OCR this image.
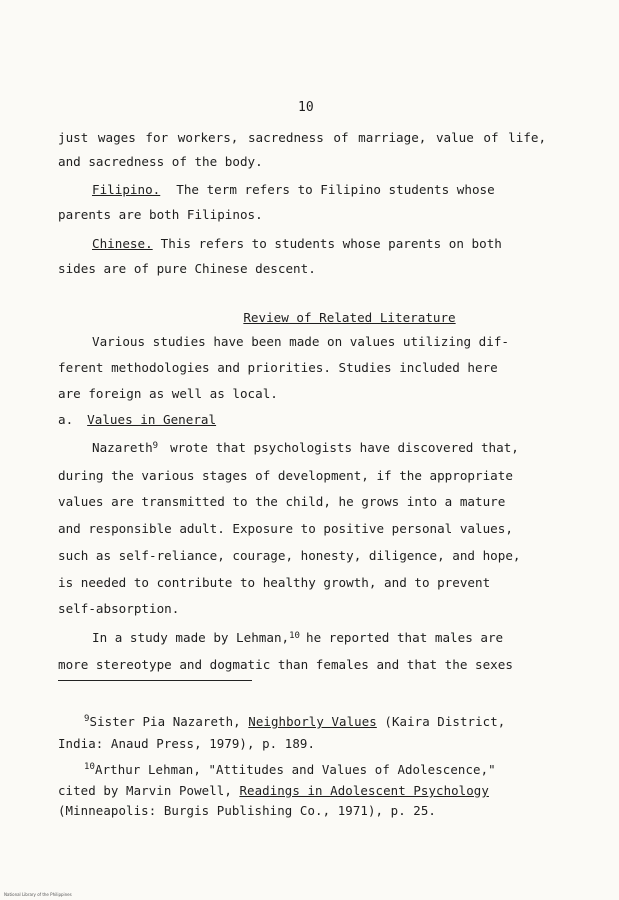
10
just wages for workers, sacredness of marriage, value of life,
and sacredness of the body.
Filipino. The term refers to Filipino students whose
parents are both Filipinos.
Chinese. This refers to students whose parents on both
sides are of pure Chinese descent.
Review of Related Literature
Various studies have been made on values utilizing dif-
ferent methodologies and priorities. Studies included here
are foreign as well as local.
a. Values in General
Nazareth 9 wrote that psychologists have discovered that,
during the various stages of development, if the appropriate
values are transmitted to the child, he grows into a mature
and responsible adult. Exposure to positive personal values,
such as self-reliance, courage, honesty, diligence, and hope,
is needed to contribute to healthy growth, and to prevent
self-absorption.
In a study made by Lehman, 10 he reported that males are
more stereotype and dogmatic than females and that the sexes
$^9$Sister Pia Nazareth, Neighborly Values (Kaira District,
India: Anaud Press, 1979), p. 189.
$^{10}$Arthur Lehman, "Attitudes and Values of Adolescence,"
cited by Marvin Powell, Readings in Adolescent Psychology
(Minneapolis: Burgis Publishing Co., 1971), p. 25.
National Library of the Philippines
